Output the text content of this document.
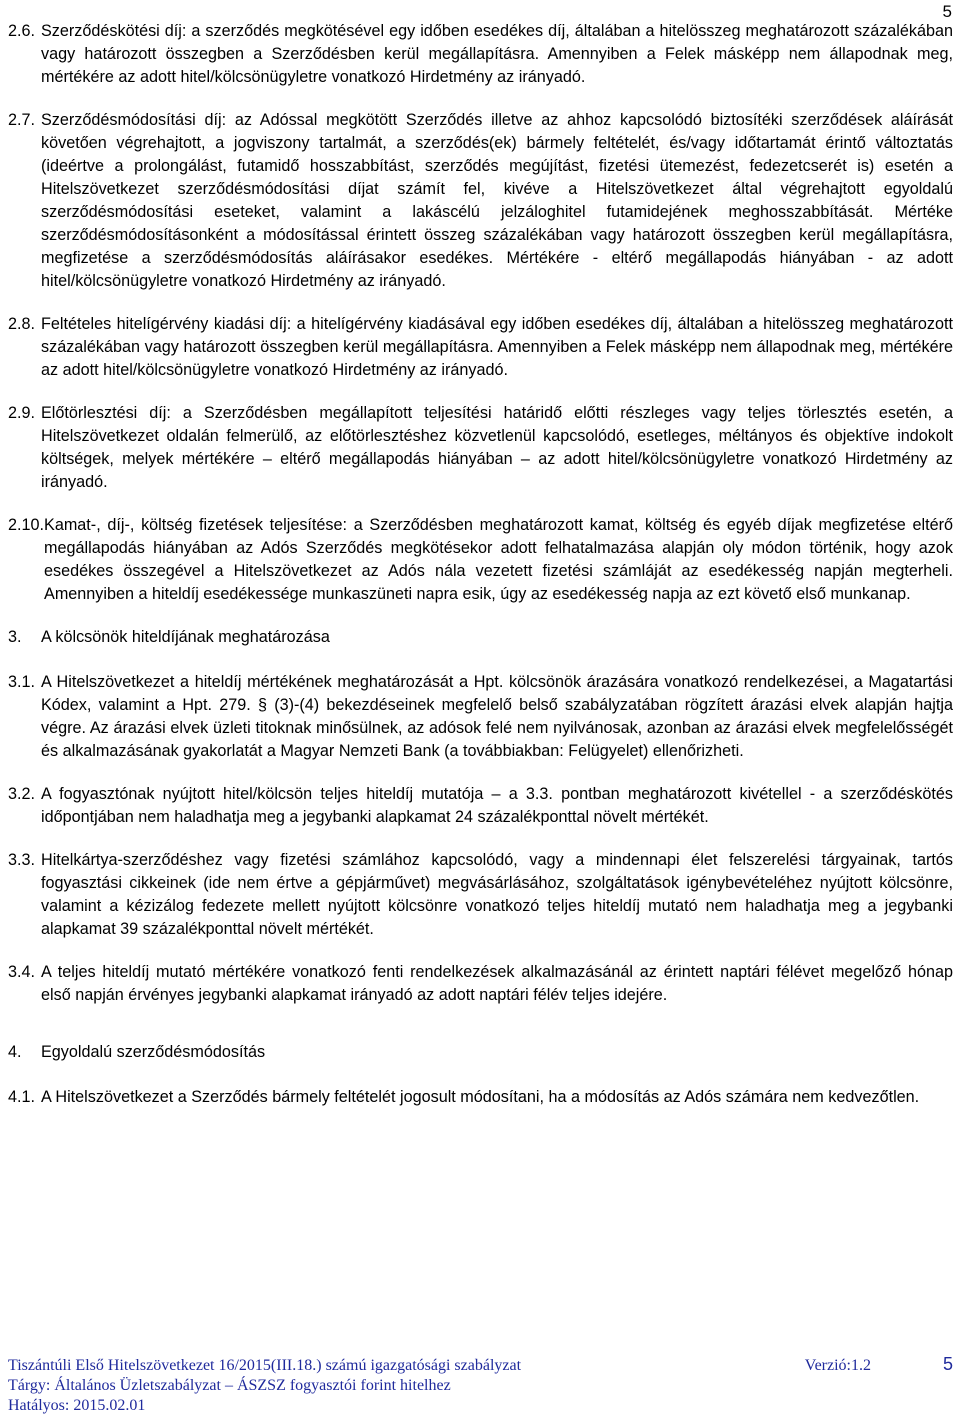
5
2.6. Szerződéskötési díj: a szerződés megkötésével egy időben esedékes díj, általában a hitelösszeg meghatározott százalékában vagy határozott összegben a Szerződésben kerül megállapításra. Amennyiben a Felek másképp nem állapodnak meg, mértékére az adott hitel/kölcsönügyletre vonatkozó Hirdetmény az irányadó.
2.7. Szerződésmódosítási díj: az Adóssal megkötött Szerződés illetve az ahhoz kapcsolódó biztosítéki szerződések aláírását követően végrehajtott, a jogviszony tartalmát, a szerződés(ek) bármely feltételét, és/vagy időtartamát érintő változtatás (ideértve a prolongálást, futamidő hosszabbítást, szerződés megújítást, fizetési ütemezést, fedezetcserét is) esetén a Hitelszövetkezet szerződésmódosítási díjat számít fel, kivéve a Hitelszövetkezet által végrehajtott egyoldalú szerződésmódosítási eseteket, valamint a lakáscélú jelzáloghitel futamidejének meghosszabbítását. Mértéke szerződésmódosításonként a módosítással érintett összeg százalékában vagy határozott összegben kerül megállapításra, megfizetése a szerződésmódosítás aláírásakor esedékes. Mértékére - eltérő megállapodás hiányában - az adott hitel/kölcsönügyletre vonatkozó Hirdetmény az irányadó.
2.8. Feltételes hitelígérvény kiadási díj: a hitelígérvény kiadásával egy időben esedékes díj, általában a hitelösszeg meghatározott százalékában vagy határozott összegben kerül megállapításra. Amennyiben a Felek másképp nem állapodnak meg, mértékére az adott hitel/kölcsönügyletre vonatkozó Hirdetmény az irányadó.
2.9. Előtörlesztési díj: a Szerződésben megállapított teljesítési határidő előtti részleges vagy teljes törlesztés esetén, a Hitelszövetkezet oldalán felmerülő, az előtörlesztéshez közvetlenül kapcsolódó, esetleges, méltányos és objektíve indokolt költségek, melyek mértékére – eltérő megállapodás hiányában – az adott hitel/kölcsönügyletre vonatkozó Hirdetmény az irányadó.
2.10. Kamat-, díj-, költség fizetések teljesítése: a Szerződésben meghatározott kamat, költség és egyéb díjak megfizetése eltérő megállapodás hiányában az Adós Szerződés megkötésekor adott felhatalmazása alapján oly módon történik, hogy azok esedékes összegével a Hitelszövetkezet az Adós nála vezetett fizetési számláját az esedékesség napján megterheli. Amennyiben a hiteldíj esedékessége munkaszüneti napra esik, úgy az esedékesség napja az ezt követő első munkanap.
3.	A kölcsönök hiteldíjának meghatározása
3.1. A Hitelszövetkezet a hiteldíj mértékének meghatározását a Hpt. kölcsönök árazására vonatkozó rendelkezései, a Magatartási Kódex, valamint a Hpt. 279. § (3)-(4) bekezdéseinek megfelelő belső szabályzatában rögzített árazási elvek alapján hajtja végre. Az árazási elvek üzleti titoknak minősülnek, az adósok felé nem nyilvánosak, azonban az árazási elvek megfelelősségét és alkalmazásának gyakorlatát a Magyar Nemzeti Bank (a továbbiakban: Felügyelet) ellenőrizheti.
3.2. A fogyasztónak nyújtott hitel/kölcsön teljes hiteldíj mutatója – a 3.3. pontban meghatározott kivétellel - a szerződéskötés időpontjában nem haladhatja meg a jegybanki alapkamat 24 százalékponttal növelt mértékét.
3.3. Hitelkártya-szerződéshez vagy fizetési számlához kapcsolódó, vagy a mindennapi élet felszerelési tárgyainak, tartós fogyasztási cikkeinek (ide nem értve a gépjárművet) megvásárlásához, szolgáltatások igénybevételéhez nyújtott kölcsönre, valamint a kézizálog fedezete mellett nyújtott kölcsönre vonatkozó teljes hiteldíj mutató nem haladhatja meg a jegybanki alapkamat 39 százalékponttal növelt mértékét.
3.4. A teljes hiteldíj mutató mértékére vonatkozó fenti rendelkezések alkalmazásánál az érintett naptári félévet megelőző hónap első napján érvényes jegybanki alapkamat irányadó az adott naptári félév teljes idejére.
4.	Egyoldalú szerződésmódosítás
4.1. A Hitelszövetkezet a Szerződés bármely feltételét jogosult módosítani, ha a módosítás az Adós számára nem kedvezőtlen.
Tiszántúli Első Hitelszövetkezet 16/2015(III.18.) számú igazgatósági szabályzat	Verzió:1.2	5
Tárgy: Általános Üzletszabályzat – ÁSZSZ fogyasztói forint hitelhez
Hatályos: 2015.02.01
